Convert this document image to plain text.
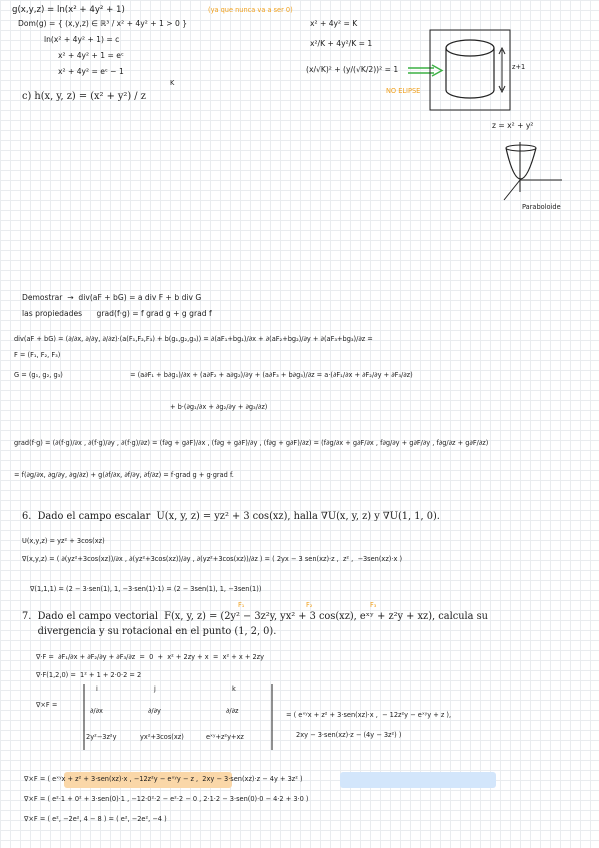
g(x,y,z) = ln(x² + 4y² + 1)	(ya que nunca va a ser 0)
Dom(g) = { (x,y,z) ∈ ℝ³ / x² + 4y² + 1 > 0 }
ln(x² + 4y² + 1) = c
x² + 4y² + 1 = eᶜ
x² + 4y² = eᶜ − 1
K
c) h(x, y, z) = (x² + y²) / z
x² + 4y² = K
x²/K + 4y²/K = 1
(x/√K)² + (y/(√K/2))² = 1
NO ELIPSE
z+1
z = x² + y²
Paraboloide
Demostrar  →  div(aF + bG) = a div F + b div G
las propiedades      grad(f·g) = f grad g + g grad f
div(aF + bG) = (∂/∂x, ∂/∂y, ∂/∂z)·(a(F₁,F₂,F₃) + b(g₁,g₂,g₃)) = ∂(aF₁+bg₁)/∂x + ∂(aF₂+bg₂)/∂y + ∂(aF₃+bg₃)/∂z =
F = (F₁, F₂, F₃)
G = (g₁, g₂, g₃)	= (a∂F₁ + b∂g₁)/∂x + (a∂F₂ + a∂g₂)/∂y + (a∂F₃ + b∂g₃)/∂z = a·(∂F₁/∂x + ∂F₂/∂y + ∂F₃/∂z)
+ b·(∂g₁/∂x + ∂g₂/∂y + ∂g₃/∂z)
grad(f·g) = (∂(f·g)/∂x , ∂(f·g)/∂y , ∂(f·g)/∂z) = (f∂g + g∂F)/∂x , (f∂g + g∂F)/∂y , (f∂g + g∂F)/∂z) = (f∂g/∂x + g∂F/∂x , f∂g/∂y + g∂F/∂y , f∂g/∂z + g∂F/∂z)
= f(∂g/∂x, ∂g/∂y, ∂g/∂z) + g(∂f/∂x, ∂f/∂y, ∂f/∂z) = f·grad g + g·grad f.
6.  Dado el campo escalar  U(x, y, z) = yz² + 3 cos(xz), halla ∇U(x, y, z) y ∇U(1, 1, 0).
U(x,y,z) = yz² + 3cos(xz)
∇(x,y,z) = ( ∂(yz²+3cos(xz))/∂x , ∂(yz²+3cos(xz))/∂y , ∂(yz²+3cos(xz))/∂z ) = ( 2yx − 3 sen(xz)·z ,  z² ,  −3sen(xz)·x )
∇(1,1,1) = (2 − 3·sen(1), 1, −3·sen(1)·1) = (2 − 3sen(1), 1, −3sen(1))
F₁	F₂	F₃
7.  Dado el campo vectorial  F(x, y, z) = (2y² − 3z²y, yx² + 3 cos(xz), eˣʸ + z²y + xz), calcula su
divergencia y su rotacional en el punto (1, 2, 0).
∇·F =  ∂F₁/∂x + ∂F₂/∂y + ∂F₃/∂z  =  0  +  x² + 2zy + x  =  x² + x + 2zy
∇·F(1,2,0) =  1² + 1 + 2·0·2 = 2
∇×F =
i	j	k
∂/∂x	∂/∂y	∂/∂z
2y²−3z²y	yx²+3cos(xz)	eˣʸ+z²y+xz
= ( eˣʸx + z² + 3·sen(xz)·x ,  − 12z²y − eˣʸy + z ),
2xy − 3·sen(xz)·z − (4y − 3z²) )
∇×F = ( eˣʸx + z² + 3·sen(xz)·x , −12z²y − eˣʸy − z ,  2xy − 3·sen(xz)·z − 4y + 3z² )
∇×F = ( e²·1 + 0² + 3·sen(0)·1 , −12·0²·2 − e²·2 − 0 , 2·1·2 − 3·sen(0)·0 − 4·2 + 3·0 )
∇×F = ( e², −2e², 4 − 8 ) = ( e², −2e², −4 )
